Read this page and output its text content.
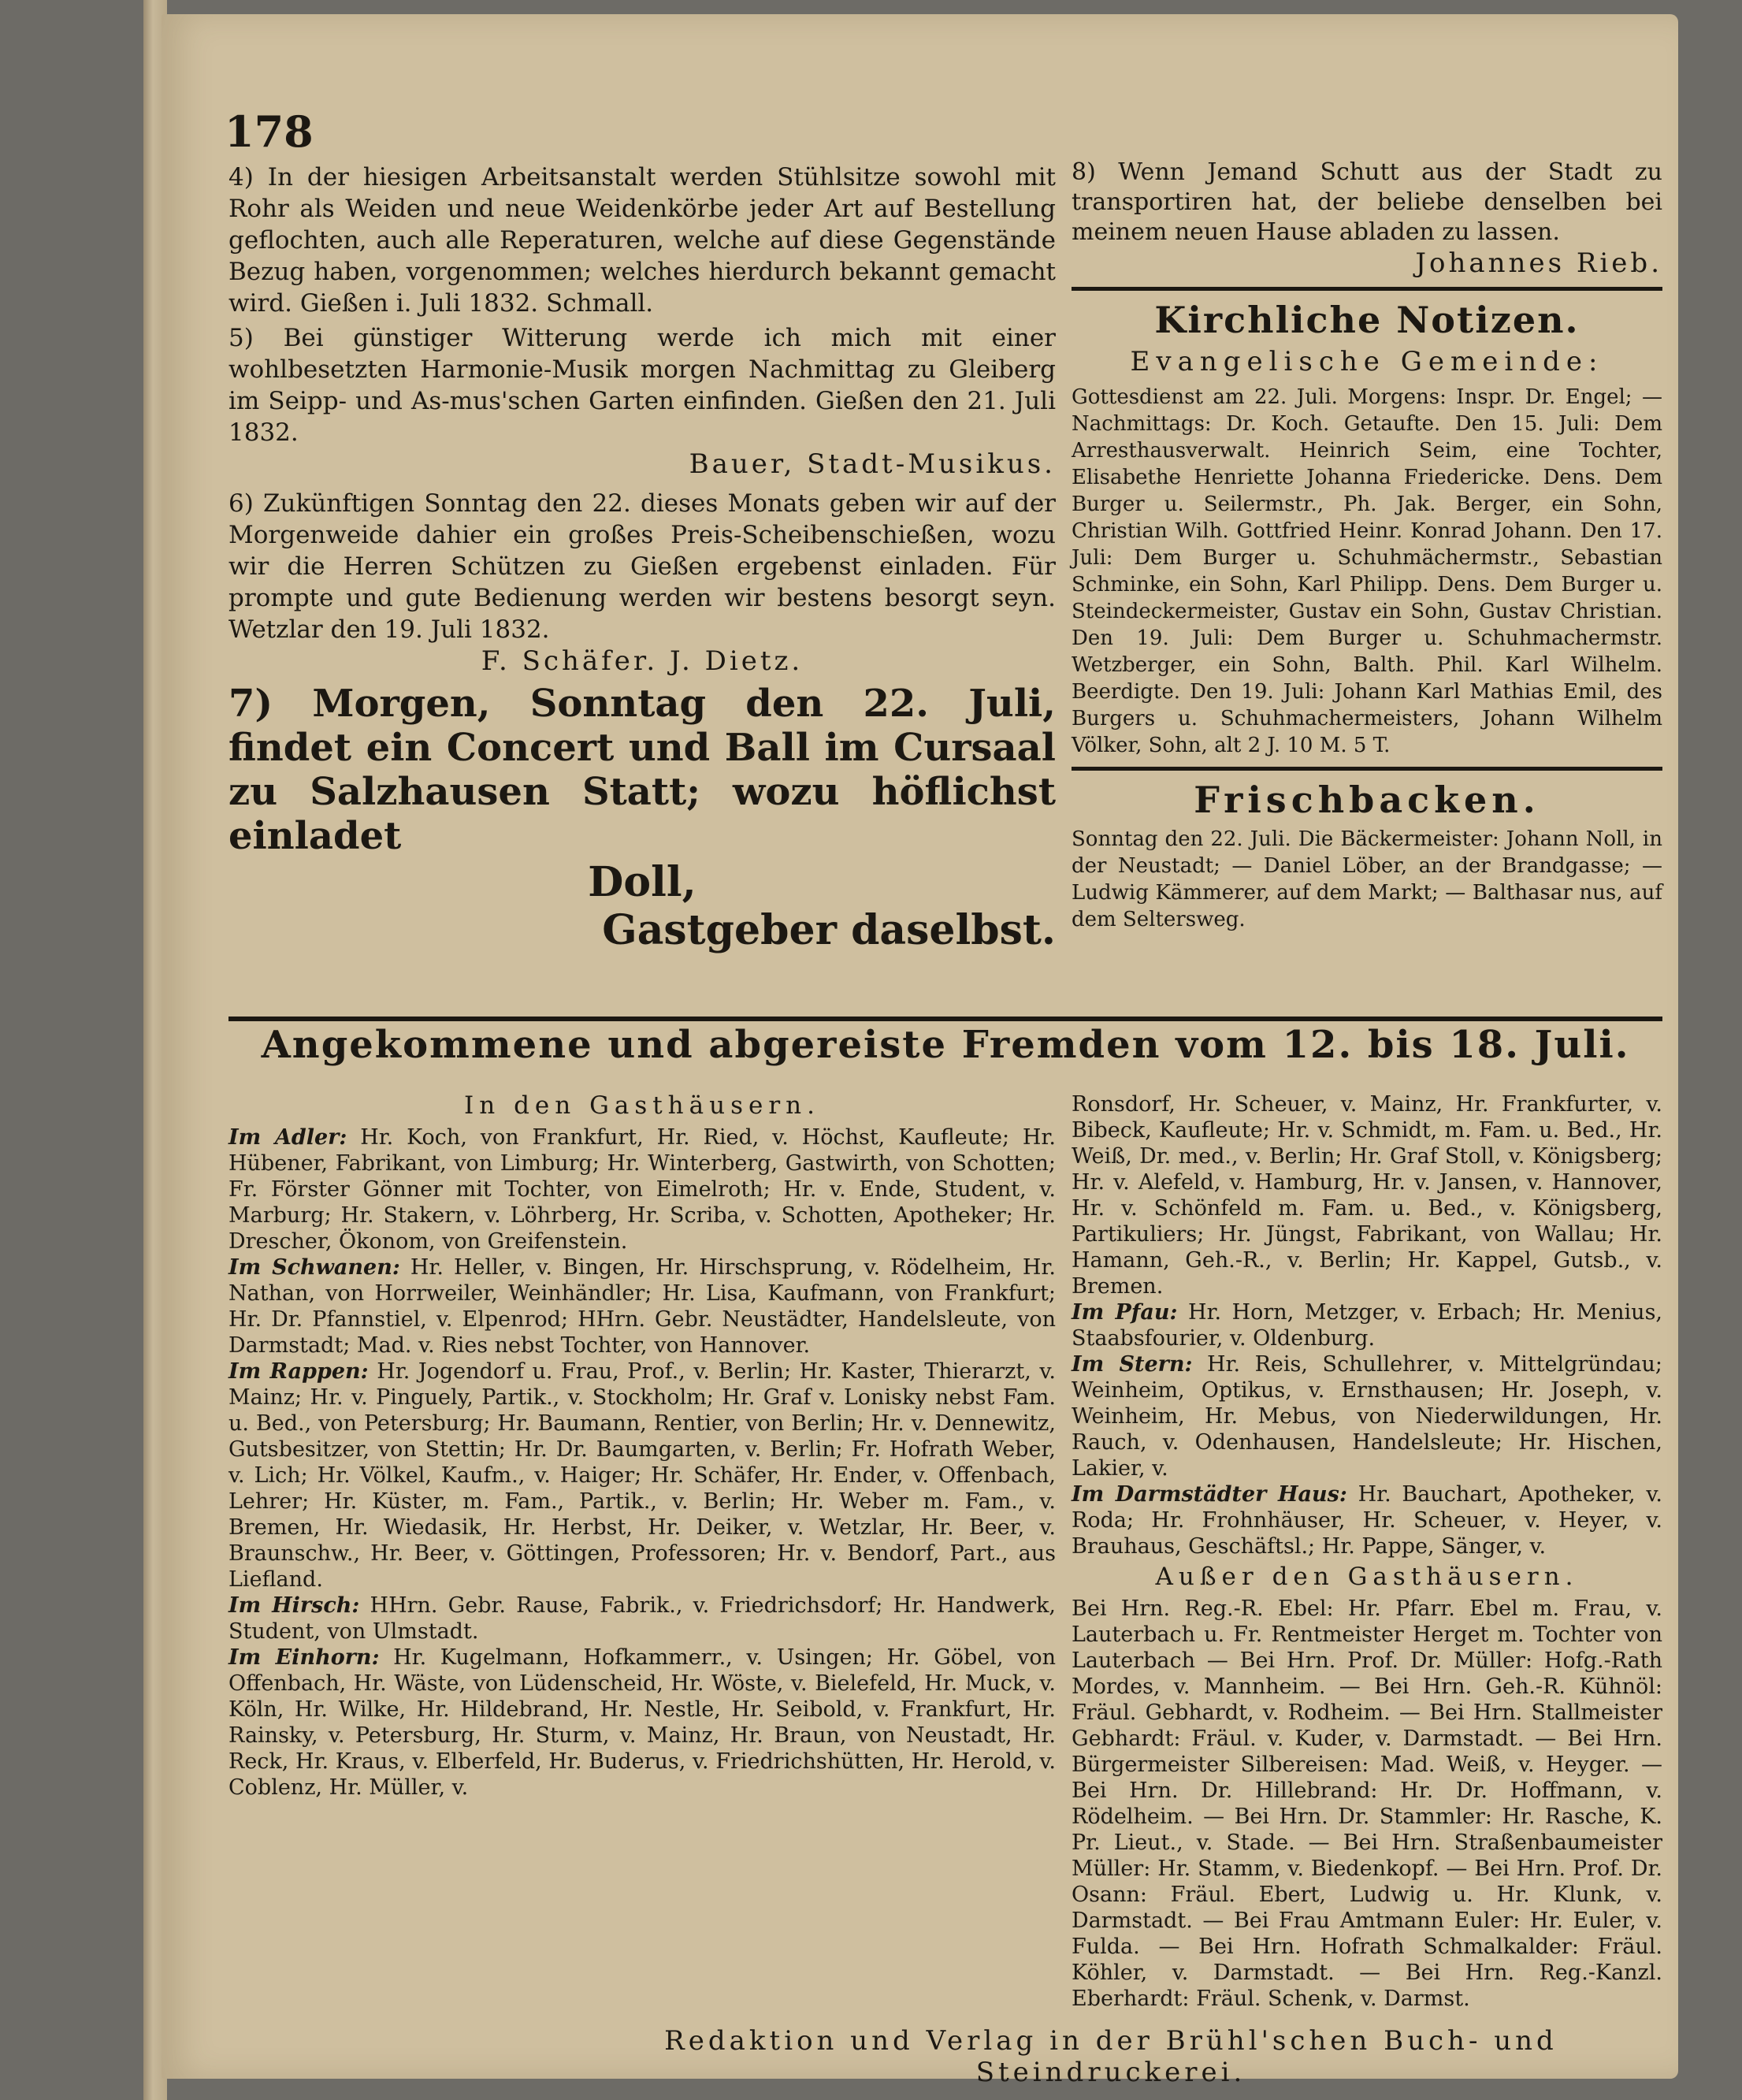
178

4) In der hiesigen Arbeitsanstalt werden Stühlsitze sowohl mit Rohr als Weiden und neue Weidenkörbe jeder Art auf Bestellung geflochten, auch alle Reperaturen, welche auf diese Gegenstände Bezug haben, vorgenommen; welches hierdurch bekannt gemacht wird. Gießen i. Juli 1832. Schmall.

5) Bei günstiger Witterung werde ich mich mit einer wohlbesetzten Harmonie-Musik morgen Nachmittag zu Gleiberg im Seipp- und As-mus'schen Garten einfinden. Gießen den 21. Juli 1832.

Bauer, Stadt-Musikus.

6) Zukünftigen Sonntag den 22. dieses Monats geben wir auf der Morgenweide dahier ein großes Preis-Scheibenschießen, wozu wir die Herren Schützen zu Gießen ergebenst einladen. Für prompte und gute Bedienung werden wir bestens besorgt seyn. Wetzlar den 19. Juli 1832.

F. Schäfer. J. Dietz.

7) Morgen, Sonntag den 22. Juli, findet ein Concert und Ball im Cursaal zu Salzhausen Statt; wozu höflichst einladet

Doll,

Gastgeber daselbst.

8) Wenn Jemand Schutt aus der Stadt zu transportiren hat, der beliebe denselben bei meinem neuen Hause abladen zu lassen.

Johannes Rieb.

Kirchliche Notizen.

Evangelische Gemeinde:

Gottesdienst am 22. Juli. Morgens: Inspr. Dr. Engel; — Nachmittags: Dr. Koch. Getaufte. Den 15. Juli: Dem Arresthausverwalt. Heinrich Seim, eine Tochter, Elisabethe Henriette Johanna Friedericke. Dens. Dem Burger u. Seilermstr., Ph. Jak. Berger, ein Sohn, Christian Wilh. Gottfried Heinr. Konrad Johann. Den 17. Juli: Dem Burger u. Schuhmächermstr., Sebastian Schminke, ein Sohn, Karl Philipp. Dens. Dem Burger u. Steindeckermeister, Gustav ein Sohn, Gustav Christian. Den 19. Juli: Dem Burger u. Schuhmachermstr. Wetzberger, ein Sohn, Balth. Phil. Karl Wilhelm. Beerdigte. Den 19. Juli: Johann Karl Mathias Emil, des Burgers u. Schuhmachermeisters, Johann Wilhelm Völker, Sohn, alt 2 J. 10 M. 5 T.

Frischbacken.

Sonntag den 22. Juli. Die Bäckermeister: Johann Noll, in der Neustadt; — Daniel Löber, an der Brandgasse; — Ludwig Kämmerer, auf dem Markt; — Balthasar nus, auf dem Seltersweg.

Angekommene und abgereiste Fremden vom 12. bis 18. Juli.

In den Gasthäusern.

Im Adler: Hr. Koch, von Frankfurt, Hr. Ried, v. Höchst, Kaufleute; Hr. Hübener, Fabrikant, von Limburg; Hr. Winterberg, Gastwirth, von Schotten; Fr. Förster Gönner mit Tochter, von Eimelroth; Hr. v. Ende, Student, v. Marburg; Hr. Stakern, v. Löhrberg, Hr. Scriba, v. Schotten, Apotheker; Hr. Drescher, Ökonom, von Greifenstein.

Im Schwanen: Hr. Heller, v. Bingen, Hr. Hirschsprung, v. Rödelheim, Hr. Nathan, von Horrweiler, Weinhändler; Hr. Lisa, Kaufmann, von Frankfurt; Hr. Dr. Pfannstiel, v. Elpenrod; HHrn. Gebr. Neustädter, Handelsleute, von Darmstadt; Mad. v. Ries nebst Tochter, von Hannover.

Im Rappen: Hr. Jogendorf u. Frau, Prof., v. Berlin; Hr. Kaster, Thierarzt, v. Mainz; Hr. v. Pinguely, Partik., v. Stockholm; Hr. Graf v. Lonisky nebst Fam. u. Bed., von Petersburg; Hr. Baumann, Rentier, von Berlin; Hr. v. Dennewitz, Gutsbesitzer, von Stettin; Hr. Dr. Baumgarten, v. Berlin; Fr. Hofrath Weber, v. Lich; Hr. Völkel, Kaufm., v. Haiger; Hr. Schäfer, Hr. Ender, v. Offenbach, Lehrer; Hr. Küster, m. Fam., Partik., v. Berlin; Hr. Weber m. Fam., v. Bremen, Hr. Wiedasik, Hr. Herbst, Hr. Deiker, v. Wetzlar, Hr. Beer, v. Braunschw., Hr. Beer, v. Göttingen, Professoren; Hr. v. Bendorf, Part., aus Liefland.

Im Hirsch: HHrn. Gebr. Rause, Fabrik., v. Friedrichsdorf; Hr. Handwerk, Student, von Ulmstadt.

Im Einhorn: Hr. Kugelmann, Hofkammerr., v. Usingen; Hr. Göbel, von Offenbach, Hr. Wäste, von Lüdenscheid, Hr. Wöste, v. Bielefeld, Hr. Muck, v. Köln, Hr. Wilke, Hr. Hildebrand, Hr. Nestle, Hr. Seibold, v. Frankfurt, Hr. Rainsky, v. Petersburg, Hr. Sturm, v. Mainz, Hr. Braun, von Neustadt, Hr. Reck, Hr. Kraus, v. Elberfeld, Hr. Buderus, v. Friedrichshütten, Hr. Herold, v. Coblenz, Hr. Müller, v.

Ronsdorf, Hr. Scheuer, v. Mainz, Hr. Frankfurter, v. Bibeck, Kaufleute; Hr. v. Schmidt, m. Fam. u. Bed., Hr. Weiß, Dr. med., v. Berlin; Hr. Graf Stoll, v. Königsberg; Hr. v. Alefeld, v. Hamburg, Hr. v. Jansen, v. Hannover, Hr. v. Schönfeld m. Fam. u. Bed., v. Königsberg, Partikuliers; Hr. Jüngst, Fabrikant, von Wallau; Hr. Hamann, Geh.-R., v. Berlin; Hr. Kappel, Gutsb., v. Bremen.

Im Pfau: Hr. Horn, Metzger, v. Erbach; Hr. Menius, Staabsfourier, v. Oldenburg.

Im Stern: Hr. Reis, Schullehrer, v. Mittelgründau; Weinheim, Optikus, v. Ernsthausen; Hr. Joseph, v. Weinheim, Hr. Mebus, von Niederwildungen, Hr. Rauch, v. Odenhausen, Handelsleute; Hr. Hischen, Lakier, v.

Im Darmstädter Haus: Hr. Bauchart, Apotheker, v. Roda; Hr. Frohnhäuser, Hr. Scheuer, v. Heyer, v. Brauhaus, Geschäftsl.; Hr. Pappe, Sänger, v.

Außer den Gasthäusern.

Bei Hrn. Reg.-R. Ebel: Hr. Pfarr. Ebel m. Frau, v. Lauterbach u. Fr. Rentmeister Herget m. Tochter von Lauterbach — Bei Hrn. Prof. Dr. Müller: Hofg.-Rath Mordes, v. Mannheim. — Bei Hrn. Geh.-R. Kühnöl: Fräul. Gebhardt, v. Rodheim. — Bei Hrn. Stallmeister Gebhardt: Fräul. v. Kuder, v. Darmstadt. — Bei Hrn. Bürgermeister Silbereisen: Mad. Weiß, v. Heyger. — Bei Hrn. Dr. Hillebrand: Hr. Dr. Hoffmann, v. Rödelheim. — Bei Hrn. Dr. Stammler: Hr. Rasche, K. Pr. Lieut., v. Stade. — Bei Hrn. Straßenbaumeister Müller: Hr. Stamm, v. Biedenkopf. — Bei Hrn. Prof. Dr. Osann: Fräul. Ebert, Ludwig u. Hr. Klunk, v. Darmstadt. — Bei Frau Amtmann Euler: Hr. Euler, v. Fulda. — Bei Hrn. Hofrath Schmalkalder: Fräul. Köhler, v. Darmstadt. — Bei Hrn. Reg.-Kanzl. Eberhardt: Fräul. Schenk, v. Darmst.

Redaktion und Verlag in der Brühl'schen Buch- und Steindruckerei.
